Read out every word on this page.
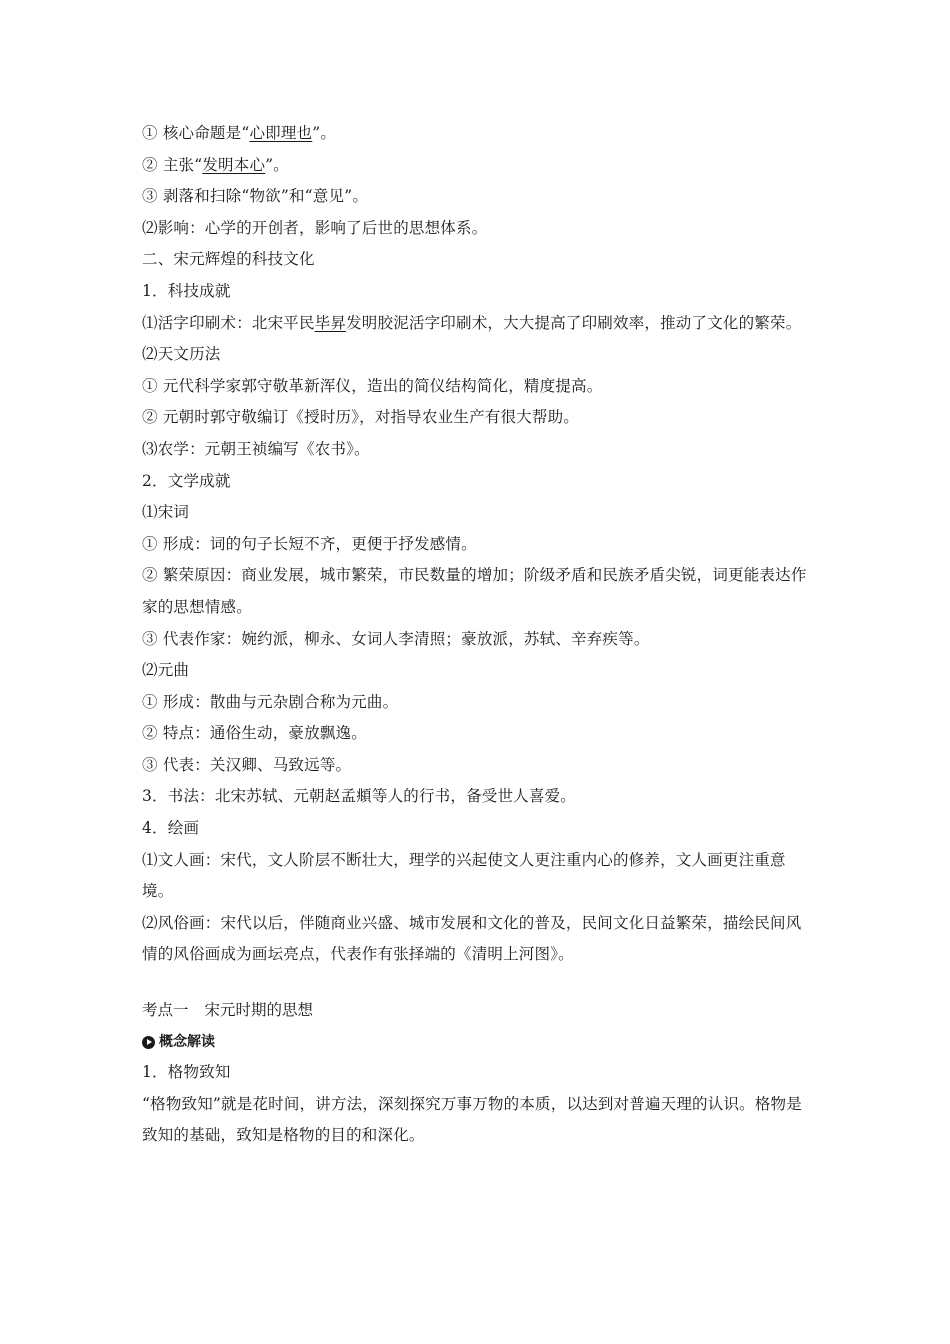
① 核心命题是“心即理也”。
② 主张“发明本心”。
③ 剥落和扫除“物欲”和“意见”。
⑵影响：心学的开创者，影响了后世的思想体系。
二、宋元辉煌的科技文化
1．科技成就
⑴活字印刷术：北宋平民毕昇发明胶泥活字印刷术，大大提高了印刷效率，推动了文化的繁荣。
⑵天文历法
① 元代科学家郭守敬革新浑仪，造出的简仪结构简化，精度提高。
② 元朝时郭守敬编订《授时历》，对指导农业生产有很大帮助。
⑶农学：元朝王祯编写《农书》。
2．文学成就
⑴宋词
① 形成：词的句子长短不齐，更便于抒发感情。
② 繁荣原因：商业发展，城市繁荣，市民数量的增加；阶级矛盾和民族矛盾尖锐，词更能表达作家的思想情感。
③ 代表作家：婉约派，柳永、女词人李清照；豪放派，苏轼、辛弃疾等。
⑵元曲
① 形成：散曲与元杂剧合称为元曲。
② 特点：通俗生动，豪放飘逸。
③ 代表：关汉卿、马致远等。
3．书法：北宋苏轼、元朝赵孟頫等人的行书，备受世人喜爱。
4．绘画
⑴文人画：宋代，文人阶层不断壮大，理学的兴起使文人更注重内心的修养，文人画更注重意境。
⑵风俗画：宋代以后，伴随商业兴盛、城市发展和文化的普及，民间文化日益繁荣，描绘民间风情的风俗画成为画坛亮点，代表作有张择端的《清明上河图》。
考点一 宋元时期的思想
概念解读
1．格物致知
“格物致知”就是花时间，讲方法，深刻探究万事万物的本质，以达到对普遍天理的认识。格物是致知的基础，致知是格物的目的和深化。
